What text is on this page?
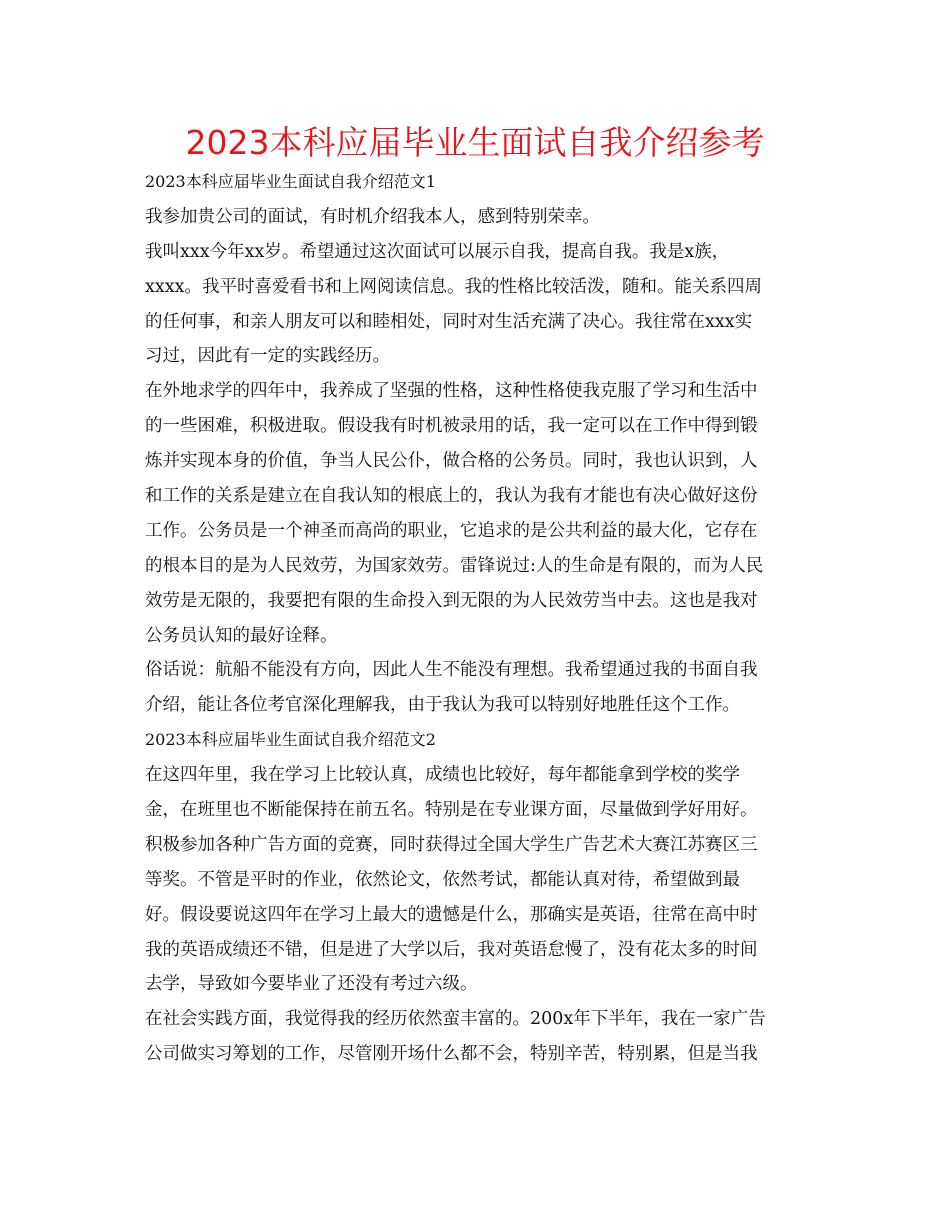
2023本科应届毕业生面试自我介绍参考
2023本科应届毕业生面试自我介绍范文1
我参加贵公司的面试，有时机介绍我本人，感到特别荣幸。
我叫xxx今年xx岁。希望通过这次面试可以展示自我，提高自我。我是x族，
xxxx。我平时喜爱看书和上网阅读信息。我的性格比较活泼，随和。能关系四周
的任何事，和亲人朋友可以和睦相处，同时对生活充满了决心。我往常在xxx实
习过，因此有一定的实践经历。
在外地求学的四年中，我养成了坚强的性格，这种性格使我克服了学习和生活中
的一些困难，积极进取。假设我有时机被录用的话，我一定可以在工作中得到锻
炼并实现本身的价值，争当人民公仆，做合格的公务员。同时，我也认识到，人
和工作的关系是建立在自我认知的根底上的，我认为我有才能也有决心做好这份
工作。公务员是一个神圣而高尚的职业，它追求的是公共利益的最大化，它存在
的根本目的是为人民效劳，为国家效劳。雷锋说过:人的生命是有限的，而为人民
效劳是无限的，我要把有限的生命投入到无限的为人民效劳当中去。这也是我对
公务员认知的最好诠释。
俗话说：航船不能没有方向，因此人生不能没有理想。我希望通过我的书面自我
介绍，能让各位考官深化理解我，由于我认为我可以特别好地胜任这个工作。
2023本科应届毕业生面试自我介绍范文2
在这四年里，我在学习上比较认真，成绩也比较好，每年都能拿到学校的奖学
金，在班里也不断能保持在前五名。特别是在专业课方面，尽量做到学好用好。
积极参加各种广告方面的竞赛，同时获得过全国大学生广告艺术大赛江苏赛区三
等奖。不管是平时的作业，依然论文，依然考试，都能认真对待，希望做到最
好。假设要说这四年在学习上最大的遗憾是什么，那确实是英语，往常在高中时
我的英语成绩还不错，但是进了大学以后，我对英语怠慢了，没有花太多的时间
去学，导致如今要毕业了还没有考过六级。
在社会实践方面，我觉得我的经历依然蛮丰富的。200x年下半年，我在一家广告
公司做实习筹划的工作，尽管刚开场什么都不会，特别辛苦，特别累，但是当我
